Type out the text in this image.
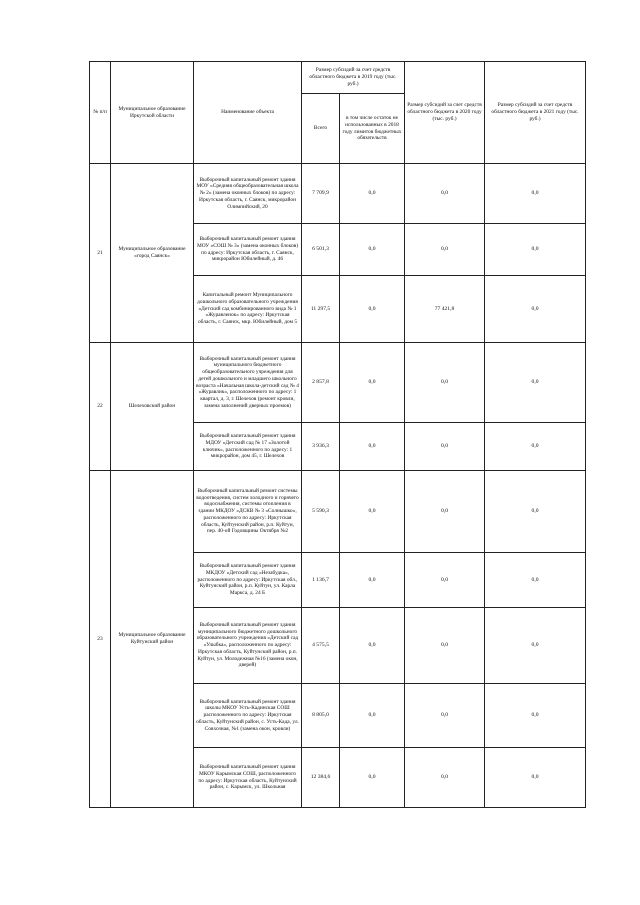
№ п/п	Муниципальное образование Иркутской области	Наименование объекта	Размер субсидий за счет средств областного бюджета в 2019 году (тыс. руб.)		Размер субсидий за счет средств областного бюджета в 2020 году (тыс. руб.)	Размер субсидий за счет средств областного бюджета в 2021 году (тыс. руб.)
			Всего	в том числе остаток не использованных в 2018 году лимитов бюджетных обязательств		
21	Муниципальное образование «город Саянск»	Выборочный капитальный ремонт здания МОУ «Средняя общеобразовательная школа № 2» (замена оконных блоков) по адресу: Иркутская область, г. Саянск, микрорайон Олимпийский, 20	7 709,9	0,0	0,0	0,0
		Выборочный капитальный ремонт здания МОУ «СОШ № 3» (замена оконных блоков) по адресу: Иркутская область, г. Саянск, микрорайон Юбилейный, д. 46	6 501,3	0,0	0,0	0,0
		Капитальный ремонт Муниципального дошкольного образовательного учреждения «Детский сад комбинированного вида № 1 «Журавленок» по адресу: Иркутская область, г. Саянск, мкр. Юбилейный, дом 5	11 297,5	0,0	77 421,8	0,0
22	Шелеховский район	Выборочный капитальный ремонт здания муниципального бюджетного общеобразовательного учреждения для детей дошкольного и младшего школьного возраста «Начальная школа-детский сад № 4 «Журавлик», расположенного по адресу: 1 квартал, д. 3, г. Шелехов (ремонт кровли, замена заполнений дверных проемов)	2 857,8	0,0	0,0	0,0
		Выборочный капитальный ремонт здания МДОУ «Детский сад № 17 «Золотой ключик», расположенного по адресу: 1 микрорайон, дом 45, г. Шелехов	3 936,3	0,0	0,0	0,0
23	Муниципальное образование Куйтунский район	Выборочный капитальный ремонт системы водоотведения, систем холодного и горячего водоснабжения, системы отопления в здании МКДОУ «ДСКВ № 3 «Солнышко», расположенного по адресу: Иркутская область, Куйтунский район, р.п. Куйтун, пер. 40-ой Годовщины Октября №2	5 590,3	0,0	0,0	0,0
		Выборочный капитальный ремонт здания МКДОУ «Детский сад «Незабудка», расположенного по адресу: Иркутская обл., Куйтунский район, р.п. Куйтун, ул. Карла Маркса, д. 24 Б	1 136,7	0,0	0,0	0,0
		Выборочный капитальный ремонт здания муниципального бюджетного дошкольного образовательного учреждения «Детский сад «Улыбка», расположенного по адресу: Иркутская область, Куйтунский район, р.п. Куйтун, ул. Молодежная №16 (замена окон, дверей)	4 575,5	0,0	0,0	0,0
		Выборочный капитальный ремонт здания школы МКОУ Усть-Кадинская СОШ расположенного по адресу: Иркутская область, Куйтунский район, с. Усть-Када, ул. Совхозная, №1 (замена окон, кровли)	8 805,0	0,0	0,0	0,0
		Выборочный капитальный ремонт здания МКОУ Карымская СОШ, расположенного по адресу: Иркутская область, Куйтунский район, с. Карымск, ул. Школьная	12 384,6	0,0	0,0	0,0
